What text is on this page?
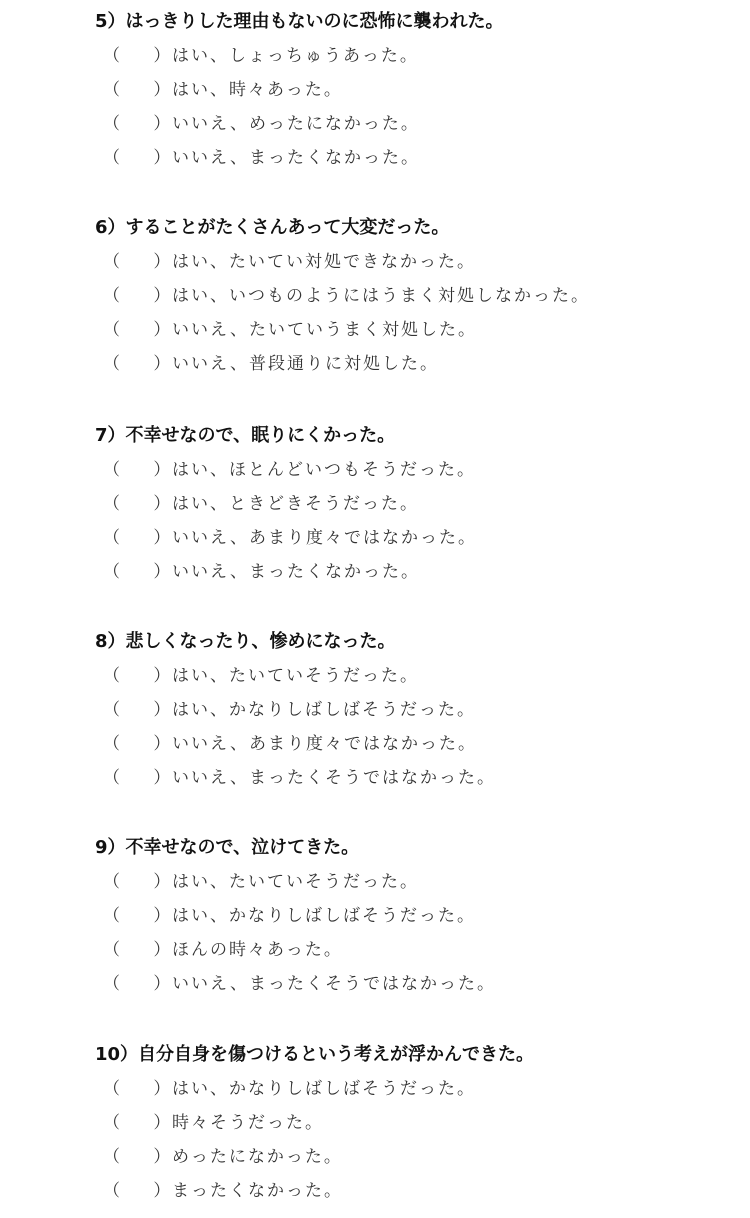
5）はっきりした理由もないのに恐怖に襲われた。
（ ）
はい、しょっちゅうあった。
（ ）
はい、時々あった。
（ ）
いいえ、めったになかった。
（ ）
いいえ、まったくなかった。
6）することがたくさんあって大変だった。
（ ）
はい、たいてい対処できなかった。
（ ）
はい、いつものようにはうまく対処しなかった。
（ ）
いいえ、たいていうまく対処した。
（ ）
いいえ、普段通りに対処した。
7）不幸せなので、眠りにくかった。
（ ）
はい、ほとんどいつもそうだった。
（ ）
はい、ときどきそうだった。
（ ）
いいえ、あまり度々ではなかった。
（ ）
いいえ、まったくなかった。
8）悲しくなったり、惨めになった。
（ ）
はい、たいていそうだった。
（ ）
はい、かなりしばしばそうだった。
（ ）
いいえ、あまり度々ではなかった。
（ ）
いいえ、まったくそうではなかった。
9）不幸せなので、泣けてきた。
（ ）
はい、たいていそうだった。
（ ）
はい、かなりしばしばそうだった。
（ ）
ほんの時々あった。
（ ）
いいえ、まったくそうではなかった。
10）自分自身を傷つけるという考えが浮かんできた。
（ ）
はい、かなりしばしばそうだった。
（ ）
時々そうだった。
（ ）
めったになかった。
（ ）
まったくなかった。
